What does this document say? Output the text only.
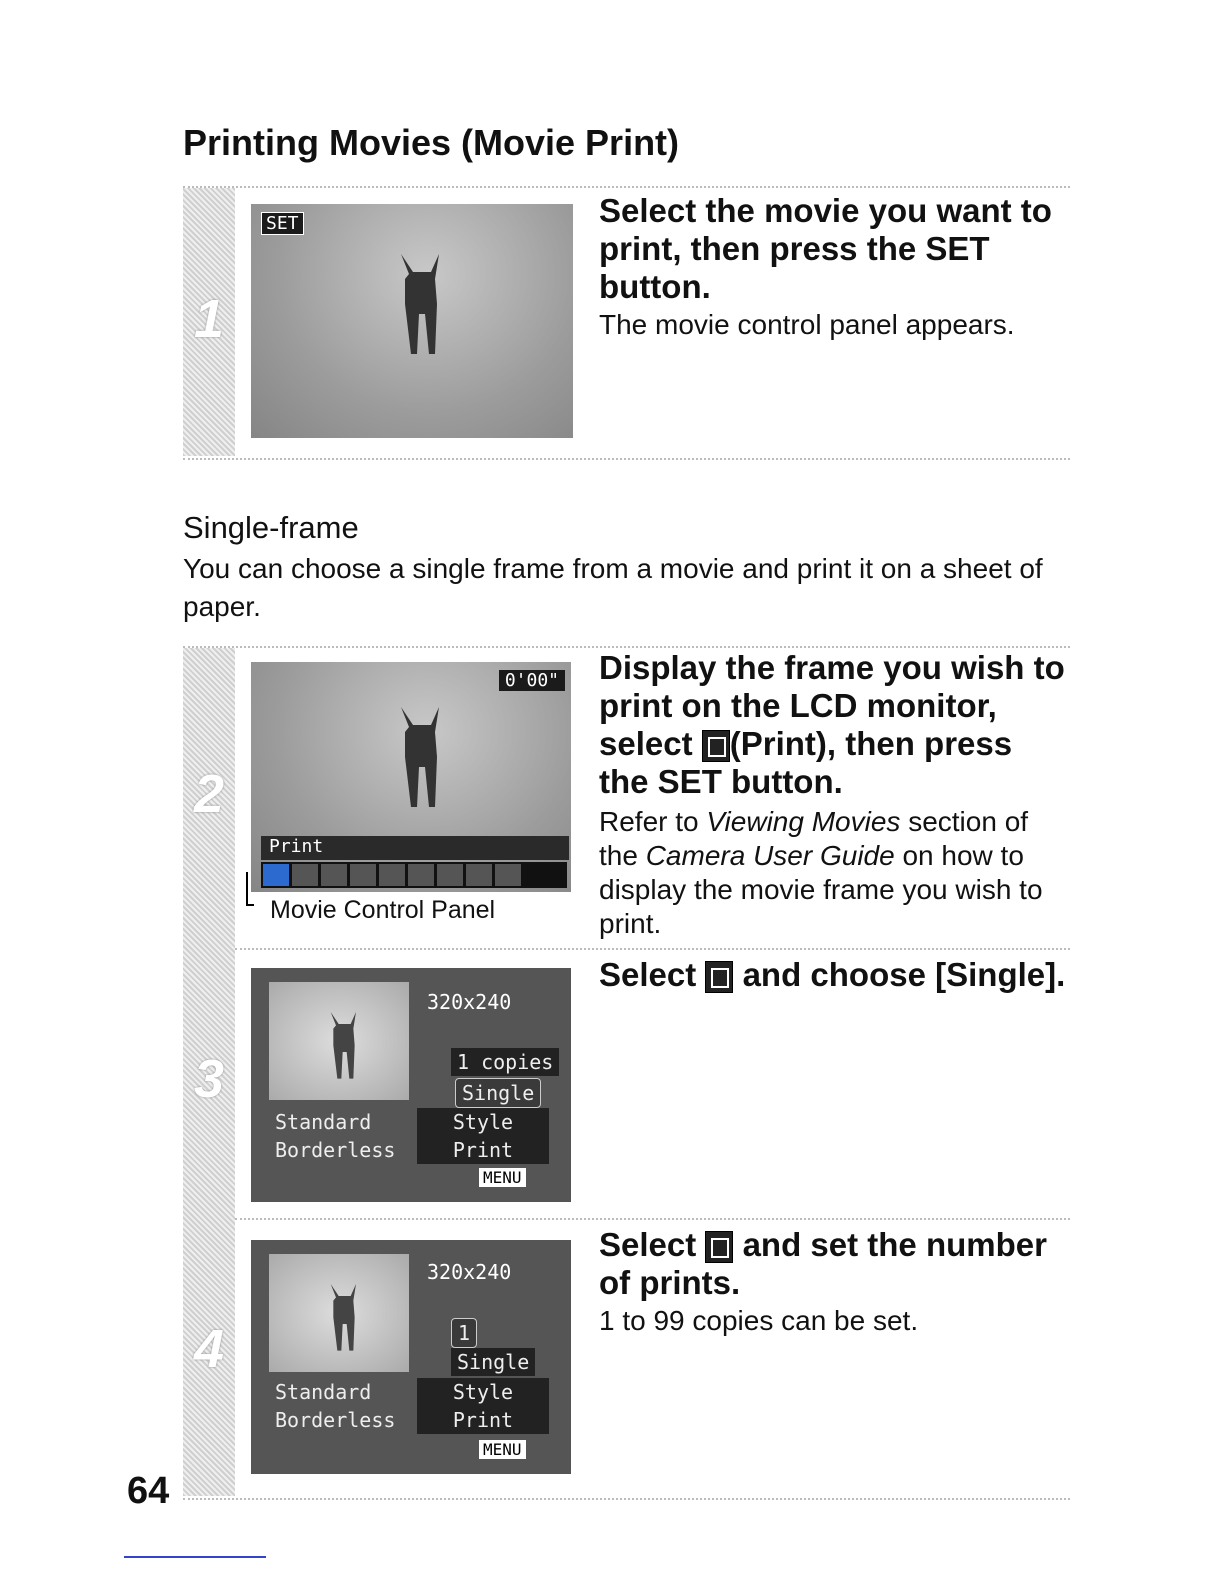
Printing Movies (Movie Print)
1
SET	Select the movie you want to print, then press the SET button.

The movie control panel appears.

Single-frame
You can choose a single frame from a movie and print it on a sheet of paper.
2
3
4
0'00"
Print
Movie Control Panel

Display the frame you wish to print on the LCD monitor, select (Print), then press the SET button.

Refer to Viewing Movies section of the Camera User Guide on how to display the movie frame you wish to print.

320x240
1 copies
Single
Standard
Borderless
Style
Print
MENU

Select  and choose [Single].

320x240
1
Single
Standard
Borderless
Style
Print
MENU

Select  and set the number of prints.

1 to 99 copies can be set.

64
